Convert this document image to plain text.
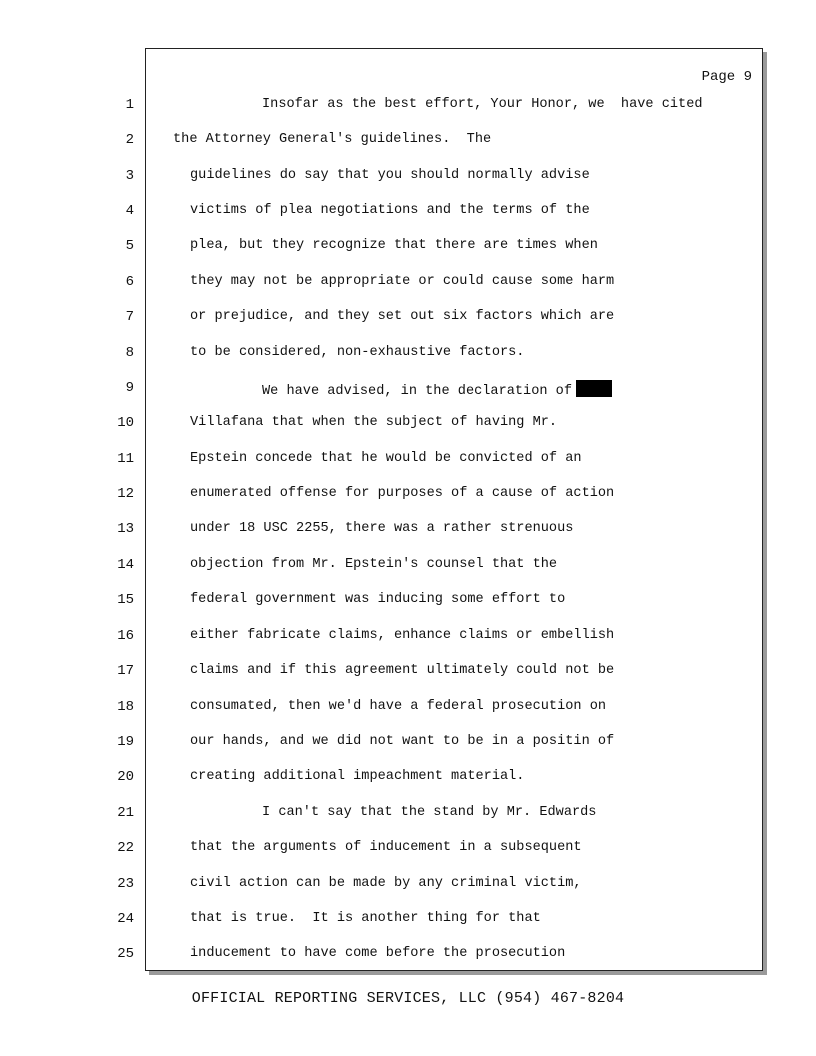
Page 9
1	Insofar as the best effort, Your Honor, we  have cited
2	the Attorney General's guidelines.  The
3	guidelines do say that you should normally advise
4	victims of plea negotiations and the terms of the
5	plea, but they recognize that there are times when
6	they may not be appropriate or could cause some harm
7	or prejudice, and they set out six factors which are
8	to be considered, non-exhaustive factors.
9	We have advised, in the declaration of
10	Villafana that when the subject of having Mr.
11	Epstein concede that he would be convicted of an
12	enumerated offense for purposes of a cause of action
13	under 18 USC 2255, there was a rather strenuous
14	objection from Mr. Epstein's counsel that the
15	federal government was inducing some effort to
16	either fabricate claims, enhance claims or embellish
17	claims and if this agreement ultimately could not be
18	consumated, then we'd have a federal prosecution on
19	our hands, and we did not want to be in a positin of
20	creating additional impeachment material.
21	I can't say that the stand by Mr. Edwards
22	that the arguments of inducement in a subsequent
23	civil action can be made by any criminal victim,
24	that is true.  It is another thing for that
25	inducement to have come before the prosecution
OFFICIAL REPORTING SERVICES, LLC (954) 467-8204
